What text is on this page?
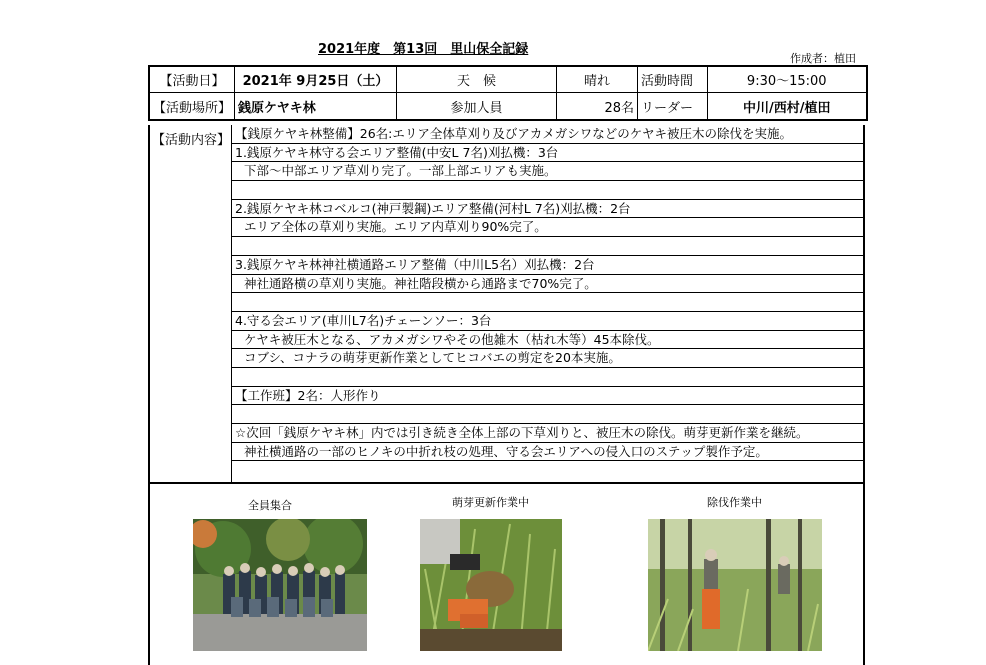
2021年度　第13回　里山保全記録
作成者：植田
【活動日】	2021年 9月25日（土）	天　候	晴れ	活動時間	9:30～15:00
【活動場所】	銭原ケヤキ林	参加人員	28名	リーダー	中川/西村/植田
【活動内容】 【銭原ケヤキ林整備】26名:エリア全体草刈り及びアカメガシワなどのケヤキ被圧木の除伐を実施。
1.銭原ケヤキ林守る会エリア整備(中安L 7名)刈払機：3台
下部～中部エリア草刈り完了。一部上部エリアも実施。
2.銭原ケヤキ林コベルコ(神戸製鋼)エリア整備(河村L 7名)刈払機：2台
エリア全体の草刈り実施。エリア内草刈り90%完了。
3.銭原ケヤキ林神社横通路エリア整備（中川L5名）刈払機：2台
神社通路横の草刈り実施。神社階段横から通路まで70%完了。
4.守る会エリア(車川L7名)チェーンソー：3台
ケヤキ被圧木となる、アカメガシワやその他雑木（枯れ木等）45本除伐。
コブシ、コナラの萌芽更新作業としてヒコバエの剪定を20本実施。
【工作班】2名：人形作り
☆次回「銭原ケヤキ林」内では引き続き全体上部の下草刈りと、被圧木の除伐。萌芽更新作業を継続。
神社横通路の一部のヒノキの中折れ枝の処理、守る会エリアへの侵入口のステップ製作予定。
全員集合	萌芽更新作業中	除伐作業中
